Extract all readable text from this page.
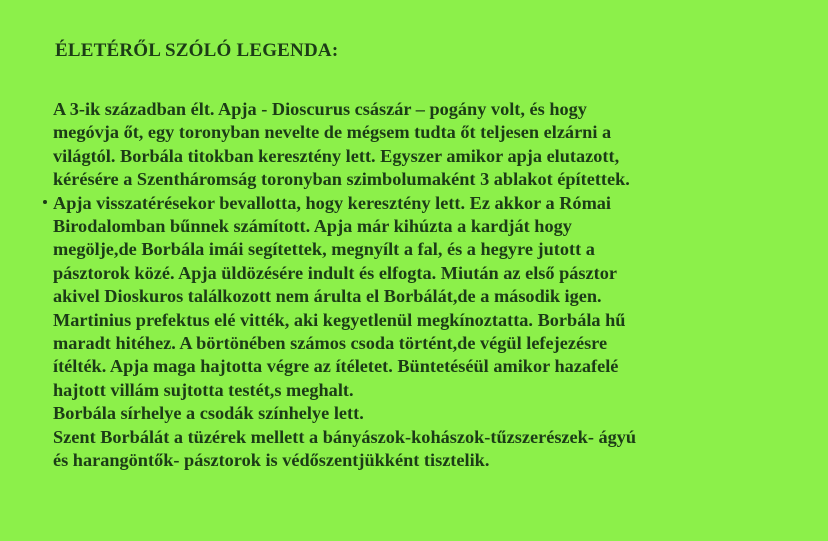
ÉLETÉRŐL SZÓLÓ LEGENDA:
A 3-ik században élt. Apja - Dioscurus császár – pogány volt, és hogy
megóvja őt, egy toronyban nevelte de mégsem tudta őt teljesen elzárni a
világtól. Borbála titokban keresztény lett. Egyszer amikor apja elutazott,
kérésére a Szentháromság toronyban szimbolumaként 3 ablakot építettek.
Apja visszatérésekor bevallotta, hogy keresztény lett. Ez akkor a Római
Birodalomban bűnnek számított. Apja már kihúzta a kardját hogy
megölje,de Borbála imái segítettek, megnyílt a fal, és a hegyre jutott a
pásztorok közé. Apja üldözésére indult és elfogta. Miután az első pásztor
akivel Dioskuros találkozott nem árulta el Borbálát,de a második igen.
Martinius prefektus elé vitték, aki kegyetlenül megkínoztatta. Borbála hű
maradt hitéhez. A börtönében számos csoda történt,de végül lefejezésre
ítélték. Apja maga hajtotta végre az ítéletet. Büntetéséül amikor hazafelé
hajtott villám sujtotta testét,s meghalt.
Borbála sírhelye a csodák színhelye lett.
Szent Borbálát a tüzérek mellett a bányászok-kohászok-tűzszerészek- ágyú
és harangöntők- pásztorok is védőszentjükként tisztelik.
